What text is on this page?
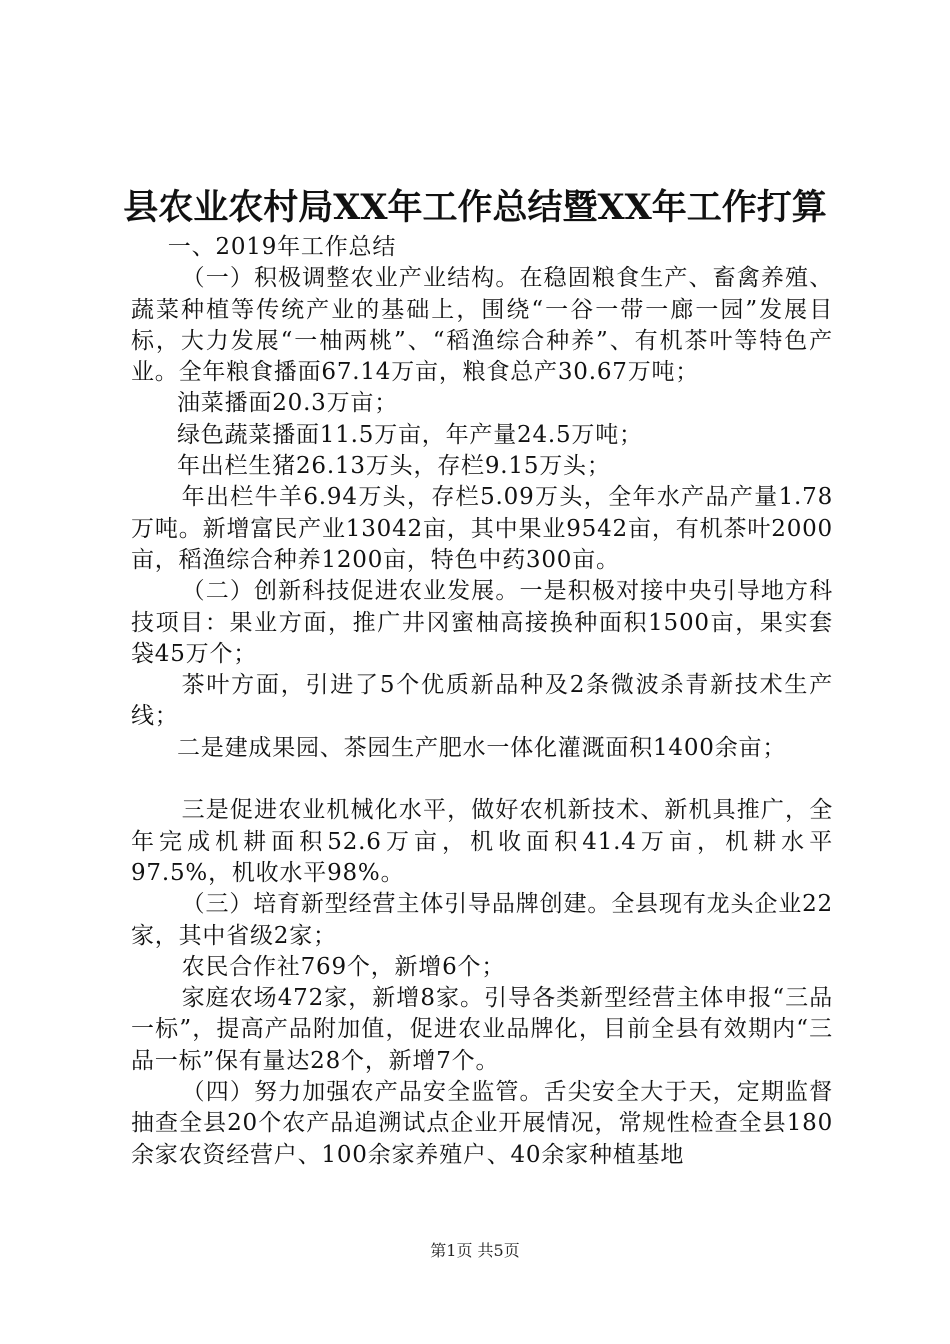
县农业农村局XX年工作总结暨XX年工作打算

一、2019年工作总结

（一）积极调整农业产业结构。在稳固粮食生产、畜禽养殖、蔬菜种植等传统产业的基础上，围绕“一谷一带一廊一园”发展目标，大力发展“一柚两桃”、“稻渔综合种养”、有机茶叶等特色产业。全年粮食播面67.14万亩，粮食总产30.67万吨；

油菜播面20.3万亩；

绿色蔬菜播面11.5万亩，年产量24.5万吨；

年出栏生猪26.13万头，存栏9.15万头；

年出栏牛羊6.94万头，存栏5.09万头，全年水产品产量1.78万吨。新增富民产业13042亩，其中果业9542亩，有机茶叶2000亩，稻渔综合种养1200亩，特色中药300亩。

（二）创新科技促进农业发展。一是积极对接中央引导地方科技项目：果业方面，推广井冈蜜柚高接换种面积1500亩，果实套袋45万个；

茶叶方面，引进了5个优质新品种及2条微波杀青新技术生产线；

二是建成果园、茶园生产肥水一体化灌溉面积1400余亩；

三是促进农业机械化水平，做好农机新技术、新机具推广，全年完成机耕面积52.6万亩，机收面积41.4万亩，机耕水平97.5%，机收水平98%。

（三）培育新型经营主体引导品牌创建。全县现有龙头企业22家，其中省级2家；

农民合作社769个，新增6个；

家庭农场472家，新增8家。引导各类新型经营主体申报“三品一标”，提高产品附加值，促进农业品牌化，目前全县有效期内“三品一标”保有量达28个，新增7个。

（四）努力加强农产品安全监管。舌尖安全大于天，定期监督抽查全县20个农产品追溯试点企业开展情况，常规性检查全县180余家农资经营户、100余家养殖户、40余家种植基地

第1页 共5页
